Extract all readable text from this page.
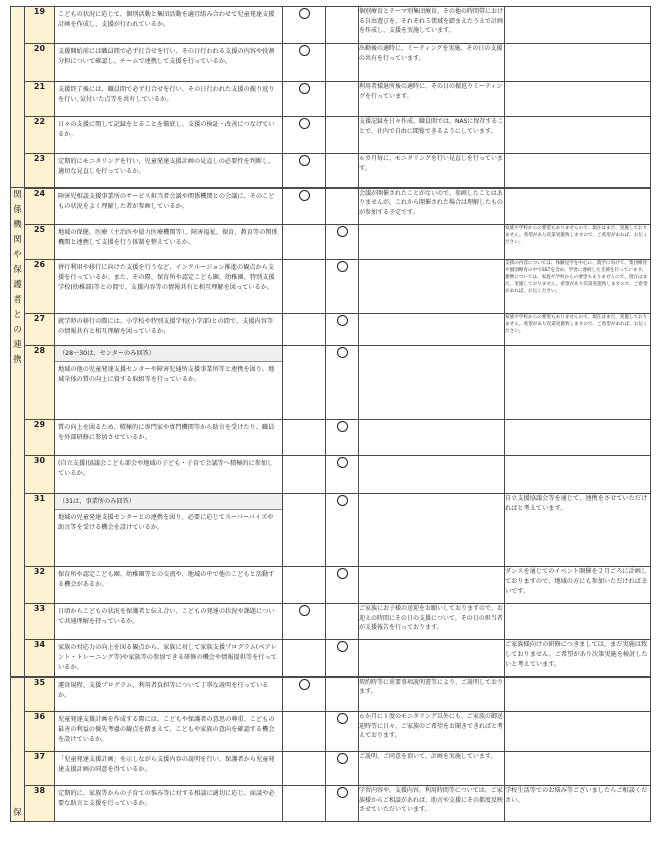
	19	こどもの状況に応じて、個別活動と集団活動を適宜組み合わせて児童発達支援計画を作成し、支援が行われているか。			個別療育とテーマ別集団療育、その他の時間帯における自由遊びを、それぞれ５領域を踏まえたうえで計画を作成し、支援を実施しています。	

	20	支援開始前には職員間で必ず打合せを行い、その日行われる支援の内容や役割分担について確認し、チームで連携して支援を行っているか。			出勤後の適時に、ミーティングを実施、その日の支援の共有を行っています。	

	21	支援終了後には、職員間で必ず打合せを行い、その日行われた支援の振り返りを行い､気付いた点等を共有しているか。			利用者様退所後の適時に、その日の振返りミーティングを行っています。	

	22	日々の支援に関して記録をとることを徹底し、支援の検証・改善につなげているか。			支援記録を日々作成。職員間では、NASに保存することで、社内で自由に閲覧できるようにしています。	

	23	定期的にモニタリングを行い、児童発達支援計画の見直しの必要性を判断し、適切な見直しを行っているか。			６カ月毎に、モニタリングを行い見直しを行っています。	

関係機関や保護者との連携	24	障害児相談支援事業所のサービス担当者会議や関係機関との会議に、そのこどもの状況をよく理解した者が参画しているか。			会議が開催されたことがないので、参画したことはありませんが、これから開催された場合は理解したものが参加する予定です。	

	25	地域の保健、医療（主治医や協力医療機関等）、障害福祉、保育、教育等の関係機関と連携して支援を行う体制を整えているか。				家族や学校からの要望もありませんので、現在はまだ、実施しておりません。希望があり次第実施致しますので、ご希望があれば、お伝ください。

	26	併行利用や移行に向けた支援を行うなど、インクルージョン推進の観点から支援を行っているか。また、その際、保育所や認定こども園、幼稚園、特別支援学校(幼稚部)等との間で、支援内容等の情報共有と相互理解を図っているか。				支援の内容については、体験見学を中心に、就学に向けて、集団療育や個別療育の中でSSTを含め、学習に連続した支援を行っています。連携については、家族や学校からの要望もありませんので、現在はまだ、実施しておりません。希望があり次第実施致しますので、ご希望があれば、お伝ください。

	27	就学時の移行の際には、小学校や特別支援学校(小学部)との間で、支援内容等の情報共有と相互理解を図っているか。				家族や学校からの要望もありませんので、現在はまだ、実施しておりません。希望があり次第実施致しますので、ご希望があれば、お伝ください。

	28	（28～30は、センターのみ回答）
地域の他の児童発達支援センターや障害児通所支援事業所等と連携を図り、地域全体の質の向上に資する取組等を行っているか。				

	29	質の向上を図るため、積極的に専門家や専門機関等から助言を受けたり、職員を外部研修に参加させているか。				

	30	(自立支援)協議会こども部会や地域の子ども・子育て会議等へ積極的に参加しているか。				

	31	（31は、事業所のみ回答）
地域の児童発達支援センターとの連携を図り、必要に応じてスーパーバイズや助言等を受ける機会を設けているか。				自立支援協議会等を通じて、連携をさせていただければと考えています。

	32	保育所や認定こども園、幼稚園等との交流や、地域の中で他のこどもと活動する機会があるか。				ダンスを通じてのイベント開催を２月ごろに計画しておりますので、地域の方にも参加いただければ幸いです。

	33	日頃からこどもの状況を保護者と伝え合い、こどもの発達の状況や課題について共通理解を持っているか。			ご家族にお子様の送迎をお願いしておりますので、お迎えの時間にその日の支援について、その日の担当者が支援報告を行っております。	

	34	家族の対応力の向上を図る観点から、家族に対して家族支援プログラム(ペアレント・トレーニング等)や家族等の参加できる研修の機会や情報提供等を行っているか。				ご家族様向けの研修につきましては、まだ実施は致しておりません。ご希望があり次第実施を検討したいと考えています。

保	35	運営規程、支援プログラム、利用者負担等について丁寧な説明を行っているか。			契約時等に重要事項説明書等により、ご説明しております。	

	36	児童発達支援計画を作成する際には、こどもや保護者の意思の尊重、こどもの最善の利益の優先考慮の観点を踏まえて、こどもや家族の意向を確認する機会を設けているか。			６か月に１度のモニタリング以外にも、ご家族の御送迎時等に日々、ご家族のご希望をお聞きできればと考えております。	

	37	「児童発達支援計画」を示しながら支援内容の説明を行い、保護者から児童発達支援計画の同意を得ているか。			ご説明、ご同意を頂いて、計画を実施しています。	

	38	定期的に、家族等からの子育ての悩み等に対する相談に適切に応じ、面談や必要な助言と支援を行っているか。			学習内容や、支援内容、利用時間等については、ご家族様からご相談があれば、助言や支援にその都度反映させていただいています。	学校生活等でのお悩み等ございましたらご相談ください。
